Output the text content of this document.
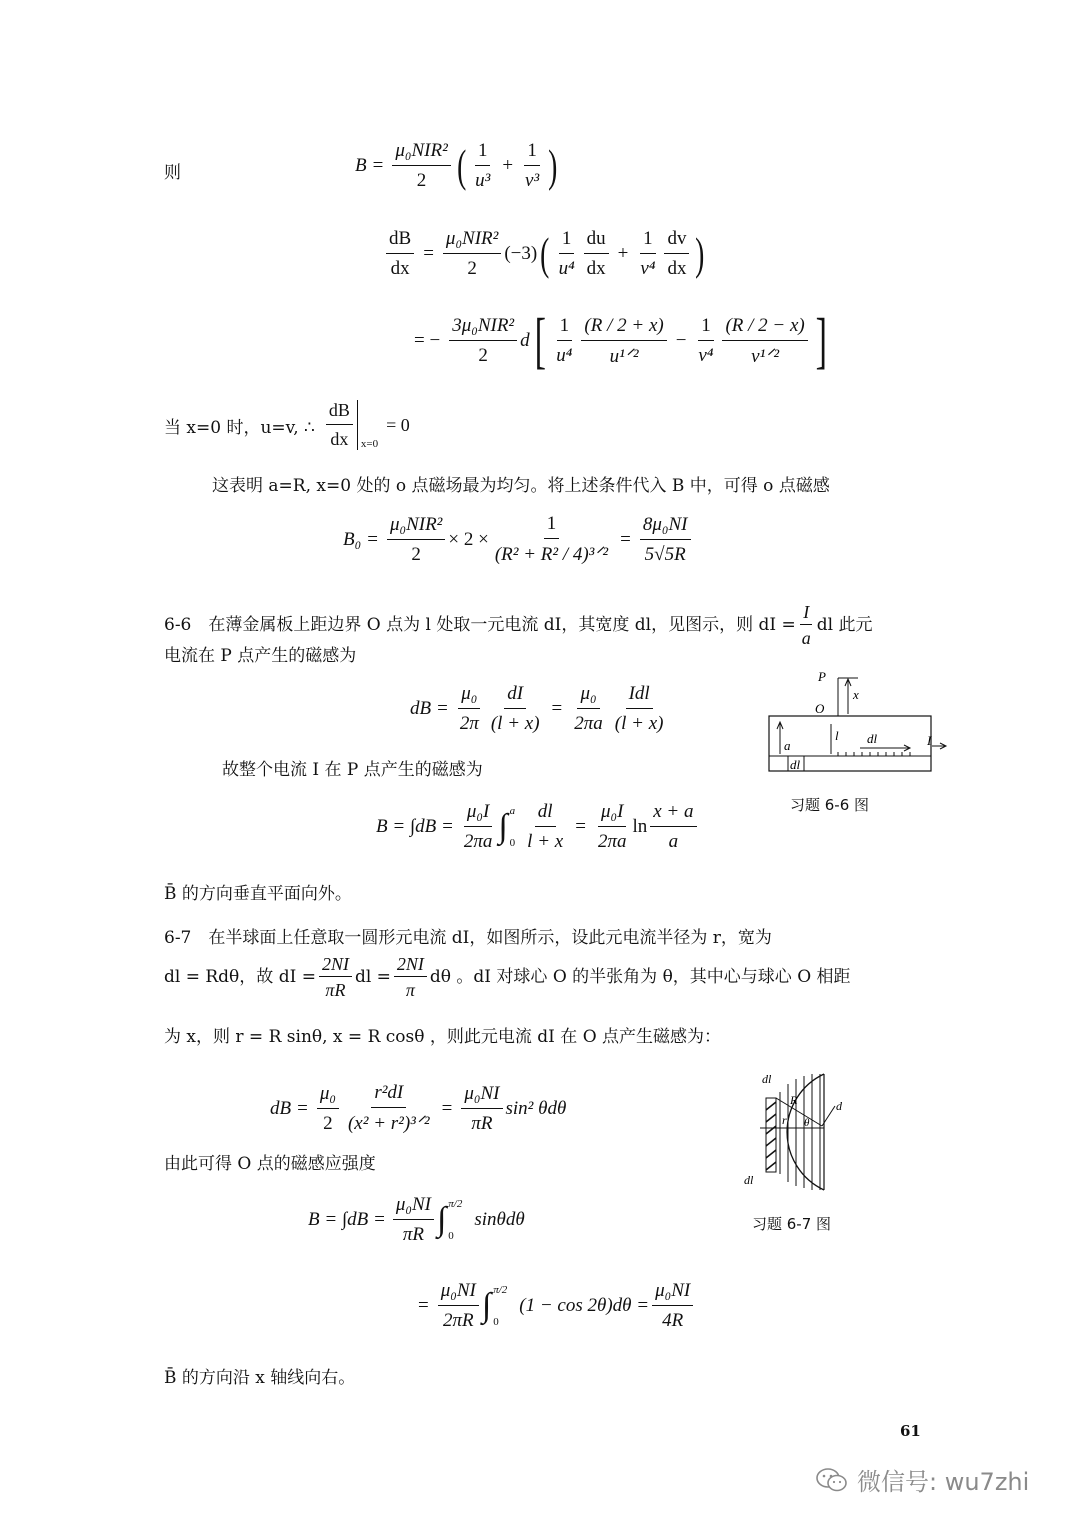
则	$B = \frac{\text{μ₀NIR²}}{2}$ ( $\frac{1}{\text{u³}} + \frac{1}{\text{v³}}$ )
$\frac{dB}{dx} = \frac{\text{μ₀NIR²}}{2} (-3)$ ( $\frac{1}{\text{u⁴}} \frac{du}{dx} + \frac{1}{\text{v⁴}} \frac{dv}{dx}$ )
= − $\frac{\text{3μ₀NIR²}}{2}$ d [ $\frac{1}{\text{u⁴}} \frac{(R / 2 + x)}{\text{u¹ᐟ²}} - \frac{1}{\text{v⁴}} \frac{(R / 2 - x)}{\text{v¹ᐟ²}}$ ]
当 x=0 时，u=v, ∴ $\frac{dB}{dx} _{x=0}$
= 0
这表明 a=R, x=0 处的 o 点磁场最为均匀。将上述条件代入 B 中，可得 o 点磁感
$B_0 = \frac{\text{μ₀NIR²}}{2} \times 2 \times \frac{1}{\text{(R² + R² / 4)³ᐟ²}} = \frac{\text{8μ₀NI}}{5√5R}$
6-6　在薄金属板上距边界 O 点为 l 处取一元电流 dI，其宽度 dl，见图示，则 dI = $\frac{I}{a}$ dl 此元
电流在 P 点产生的磁感为
dB = $\frac{\text{μ₀}}{2\pi} \frac{dI}{(l + x)} = \frac{\text{μ₀}}{2\pi a} \frac{\text{Idl}}{(l + x)}$
故整个电流 I 在 P 点产生的磁感为
$B = \int dB = \frac{\text{μ₀I}}{2\pi a}$ ∫ a
$0 \frac{dl}{l + x} = \frac{\text{μ₀I}}{2\pi a}$ $\ln \frac{x + a}{a}$
B̄ 的方向垂直平面向外。
P
O
x
a
l dl	I
dl
习题 6-6 图
6-7　在半球面上任意取一圆形元电流 dI，如图所示，设此元电流半径为 r，宽为
dl = Rdθ，故 dI = $\frac{2NI}{\pi R}$ dl = $\frac{2NI}{\pi}$ dθ 。dI 对球心 O 的半张角为 θ，其中心与球心 O 相距
为 x，则 r = R sinθ, x = R cosθ ，则此元电流 dI 在 O 点产生磁感为：
dB = $\frac{\text{μ₀}}{2} \frac{\text{r²dI}}{\text{(x² + r²)³ᐟ²}} = \frac{\text{μ₀NI}}{\pi R} \sin^2$ θdθ
由此可得 O 点的磁感应强度
$B = \int dB = \frac{\text{μ₀NI}}{\pi R}$ ∫ π/2
0
sinθdθ
= $\frac{\text{μ₀NI}}{2\pi R}$ ∫ π/2
0
$(1 - \cos 2\theta)d\theta = \frac{\text{μ₀NI}}{4R}$
B̄ 的方向沿 x 轴线向右。
dl
R
r
d
θ
dl
习题 6-7 图
61
微信号: wu7zhi
